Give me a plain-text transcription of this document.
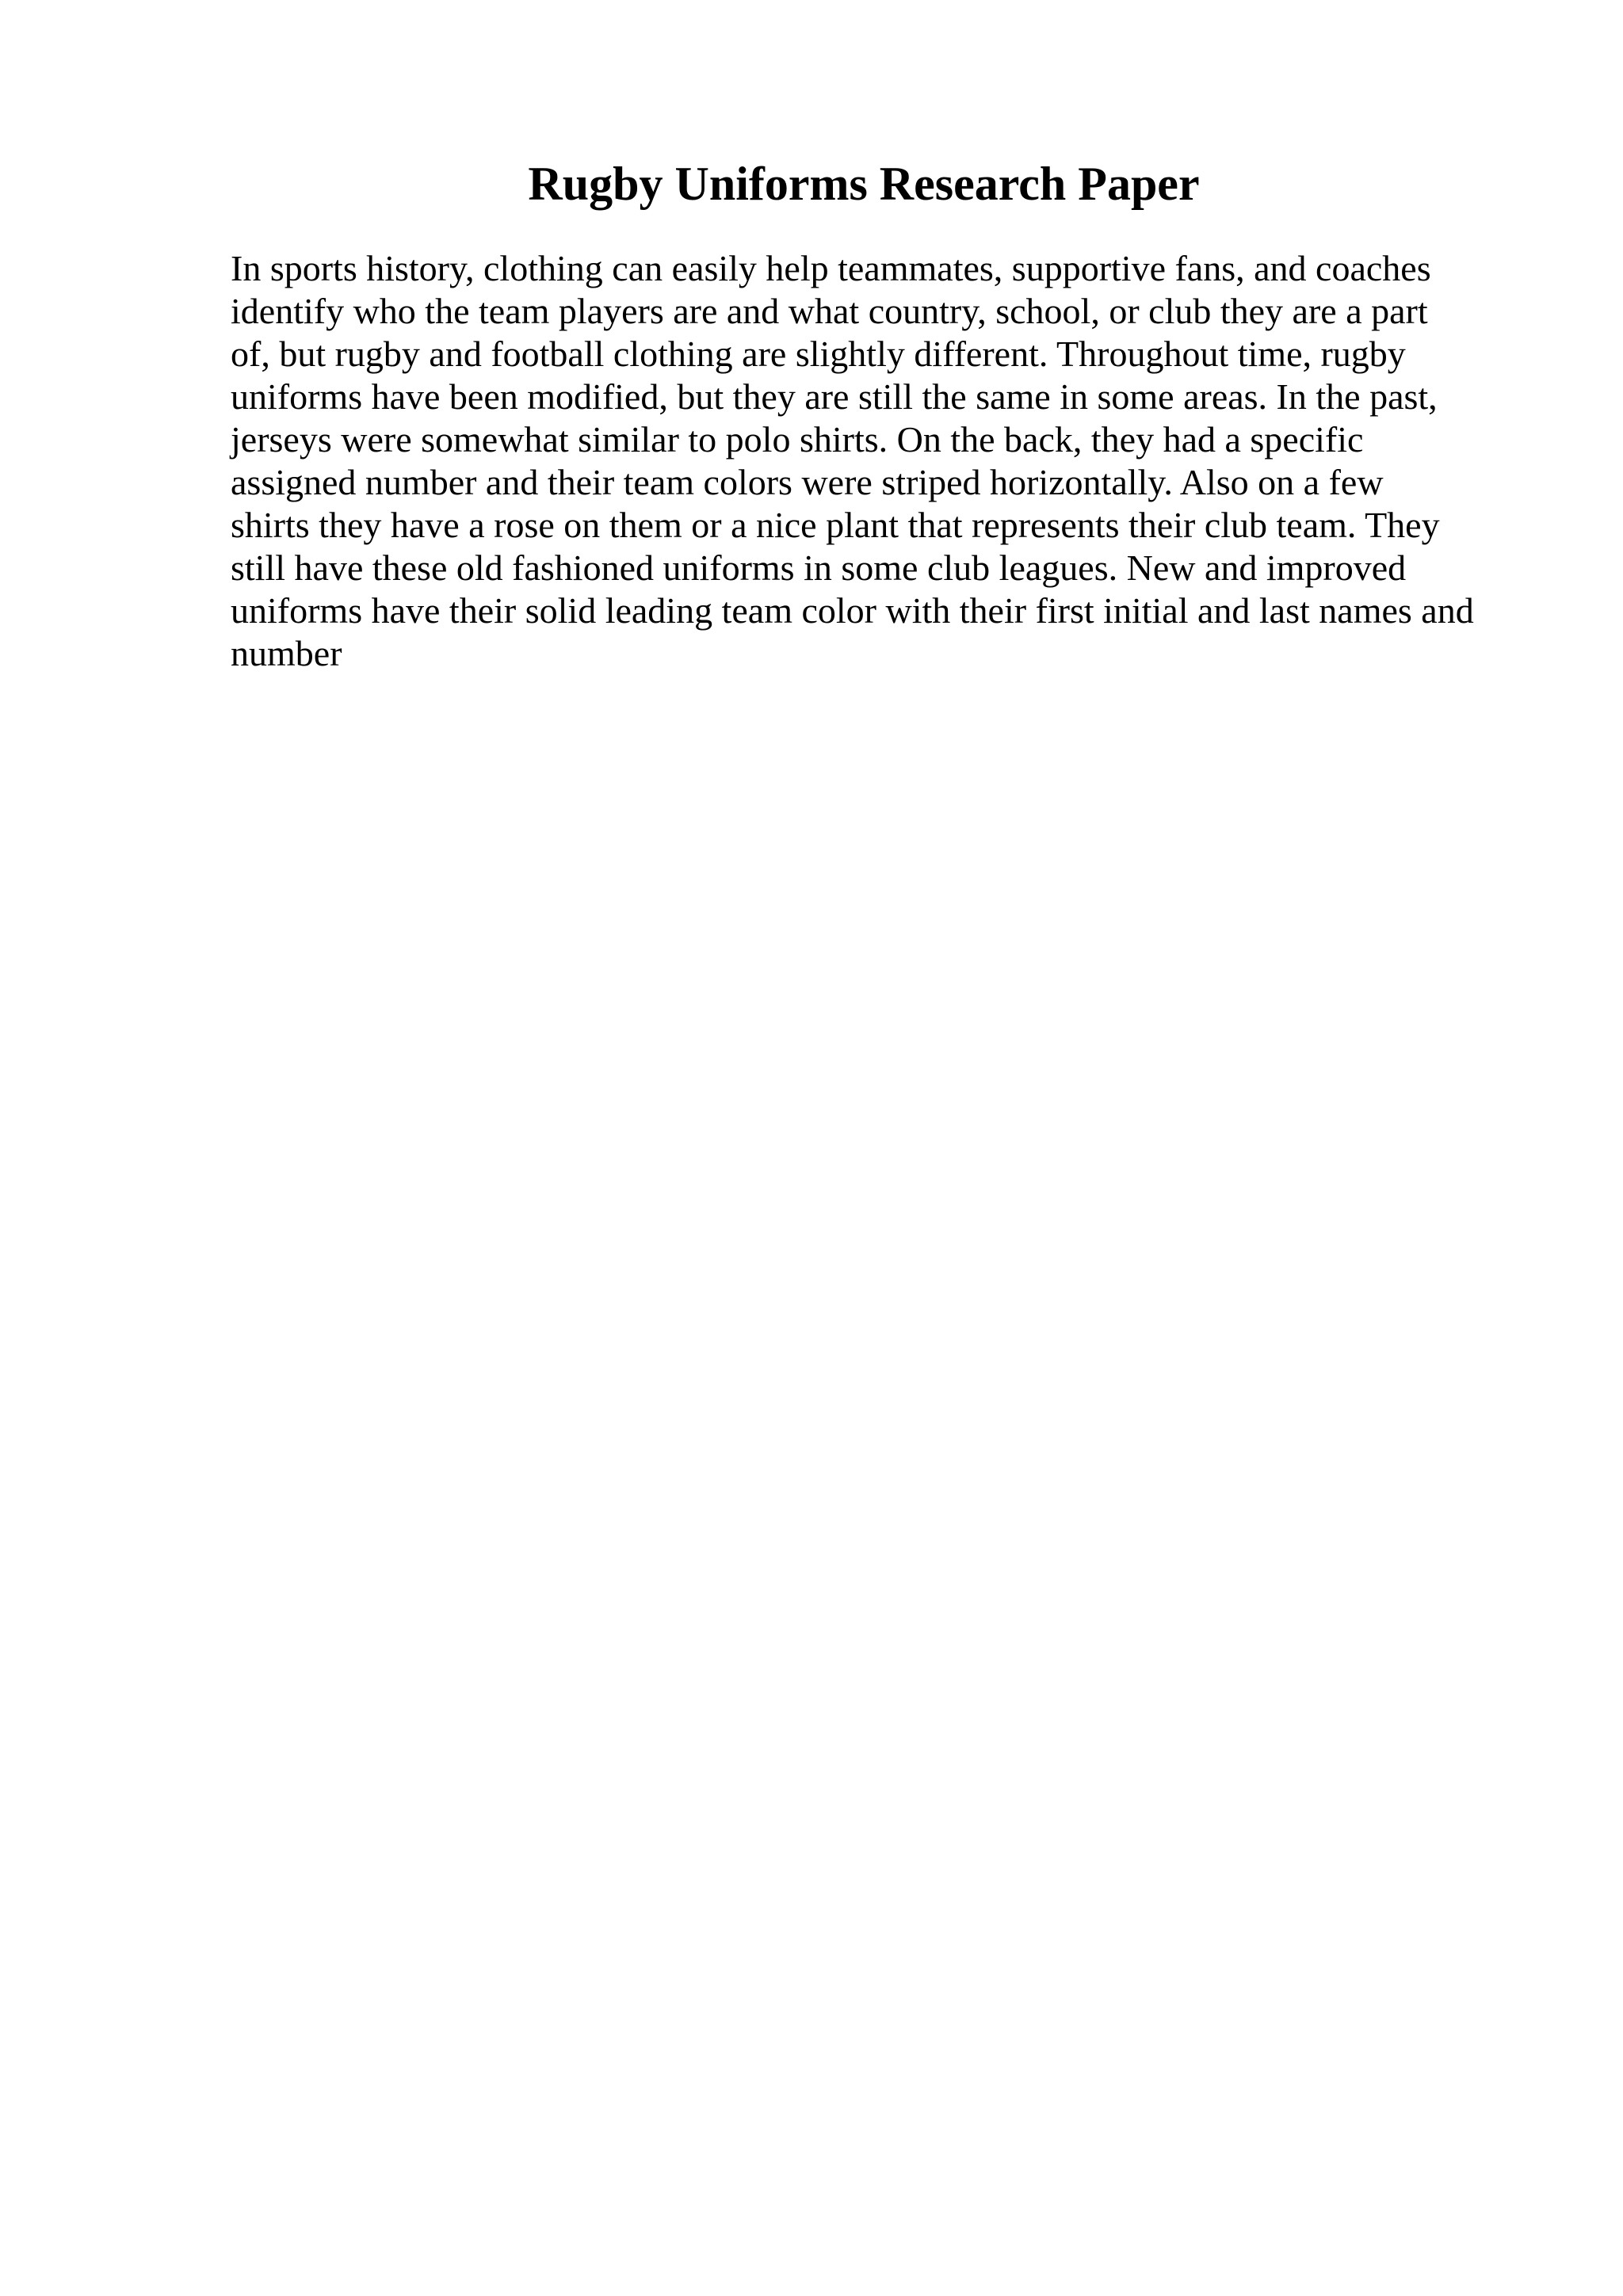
Rugby Uniforms Research Paper

In sports history, clothing can easily help teammates, supportive fans, and coaches
identify who the team players are and what country, school, or club they are a part
of, but rugby and football clothing are slightly different. Throughout time, rugby
uniforms have been modified, but they are still the same in some areas. In the past,
jerseys were somewhat similar to polo shirts. On the back, they had a specific
assigned number and their team colors were striped horizontally. Also on a few
shirts they have a rose on them or a nice plant that represents their club team. They
still have these old fashioned uniforms in some club leagues. New and improved
uniforms have their solid leading team color with their first initial and last names and
number
